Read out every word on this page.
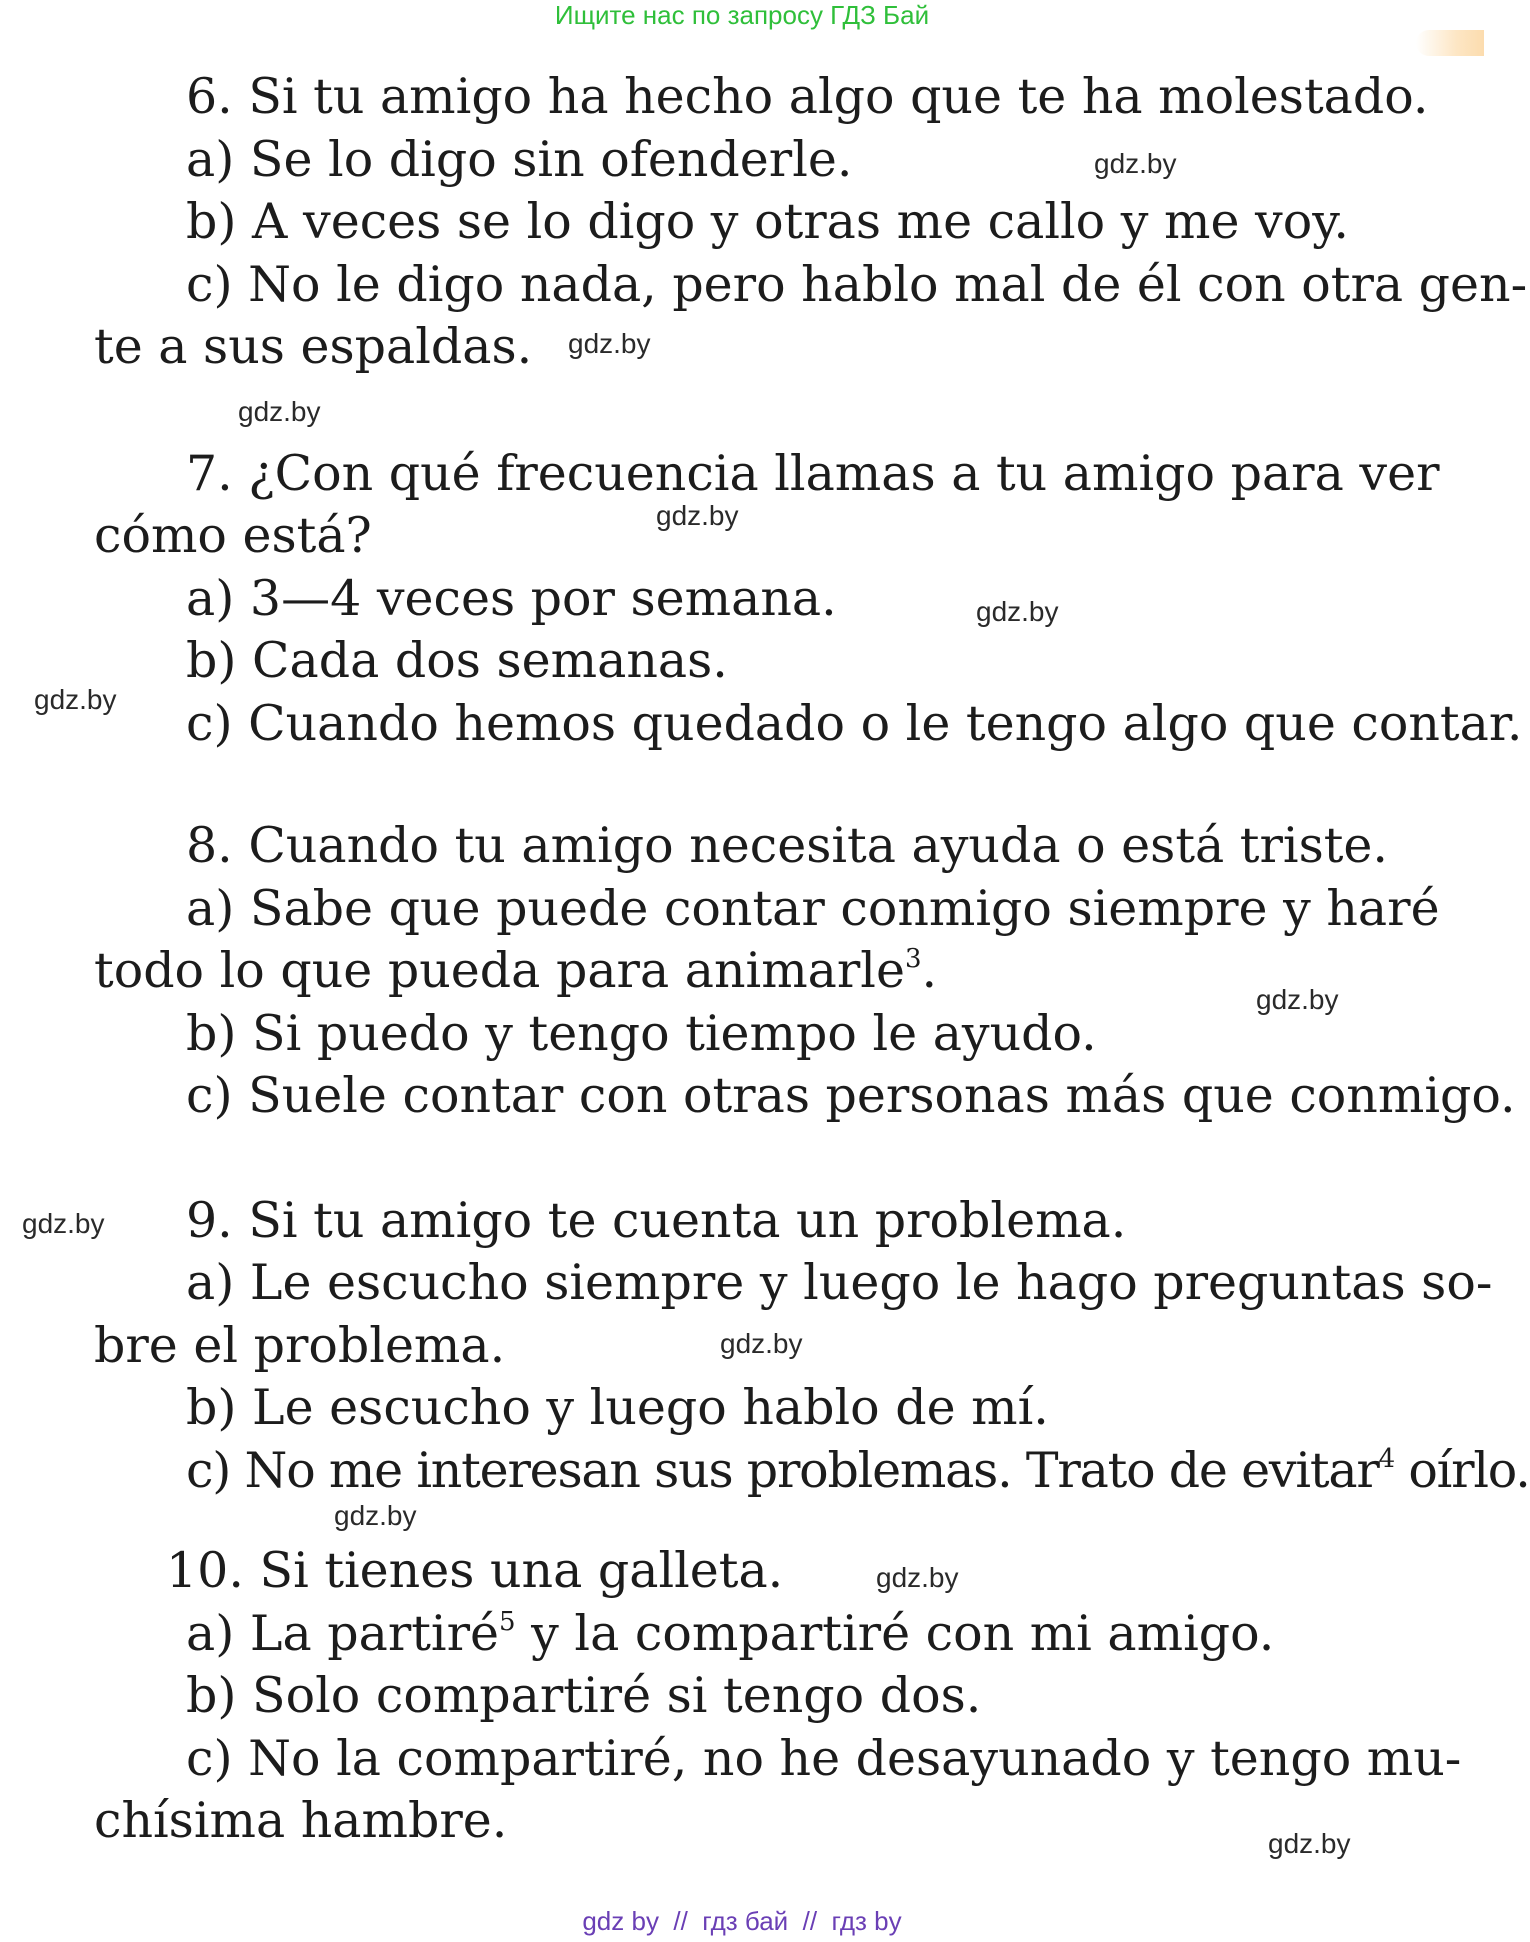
Ищите нас по запросу ГДЗ Бай

6. Si tu amigo ha hecho algo que te ha molestado.

a) Se lo digo sin ofenderle.

b) A veces se lo digo y otras me callo y me voy.

c) No le digo nada, pero hablo mal de él con otra gen-

te a sus espaldas.

7. ¿Con qué frecuencia llamas a tu amigo para ver

cómo está?

a) 3—4 veces por semana.

b) Cada dos semanas.

c) Cuando hemos quedado o le tengo algo que contar.

8. Cuando tu amigo necesita ayuda o está triste.

a) Sabe que puede contar conmigo siempre y haré

todo lo que pueda para animarle$^3$.

b) Si puedo y tengo tiempo le ayudo.

c) Suele contar con otras personas más que conmigo.

9. Si tu amigo te cuenta un problema.

a) Le escucho siempre y luego le hago preguntas so-

bre el problema.

b) Le escucho y luego hablo de mí.

c) No me interesan sus problemas. Trato de evitar$^4$ oírlo.

10. Si tienes una galleta.

a) La partiré$^5$ y la compartiré con mi amigo.

b) Solo compartiré si tengo dos.

c) No la compartiré, no he desayunado y tengo mu-

chísima hambre.

gdz.by
gdz.by
gdz.by
gdz.by
gdz.by
gdz.by
gdz.by
gdz.by
gdz.by
gdz.by
gdz.by
gdz.by
gdz by  //  гдз бай  //  гдз by
